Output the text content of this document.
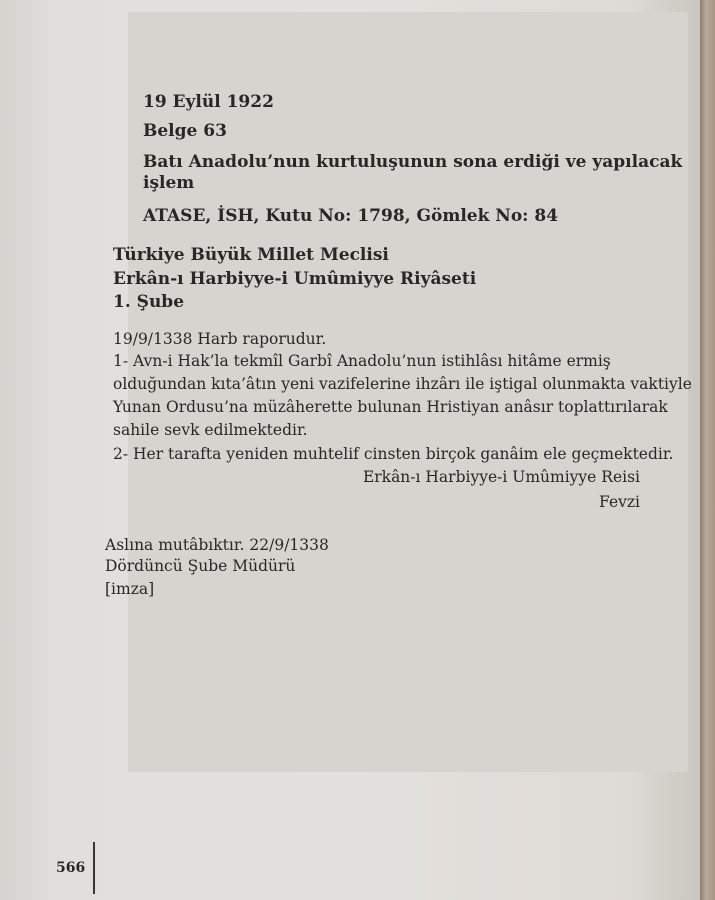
19 Eylül 1922
Belge 63
Batı Anadolu’nun kurtuluşunun sona erdiği ve yapılacak
işlem
ATASE, İSH, Kutu No: 1798, Gömlek No: 84
Türkiye Büyük Millet Meclisi
Erkân-ı Harbiyye-i Umûmiyye Riyâseti
1. Şube
19/9/1338 Harb raporudur.
1- Avn-i Hak’la tekmîl Garbî Anadolu’nun istihlâsı hitâme ermiş
olduğundan kıta’âtın yeni vazifelerine ihzârı ile iştigal olunmakta vaktiyle
Yunan Ordusu’na müzâherette bulunan Hristiyan anâsır toplattırılarak
sahile sevk edilmektedir.
2- Her tarafta yeniden muhtelif cinsten birçok ganâim ele geçmektedir.
Erkân-ı Harbiyye-i Umûmiyye Reisi
Fevzi
Aslına mutâbıktır. 22/9/1338
Dördüncü Şube Müdürü
[imza]
566
